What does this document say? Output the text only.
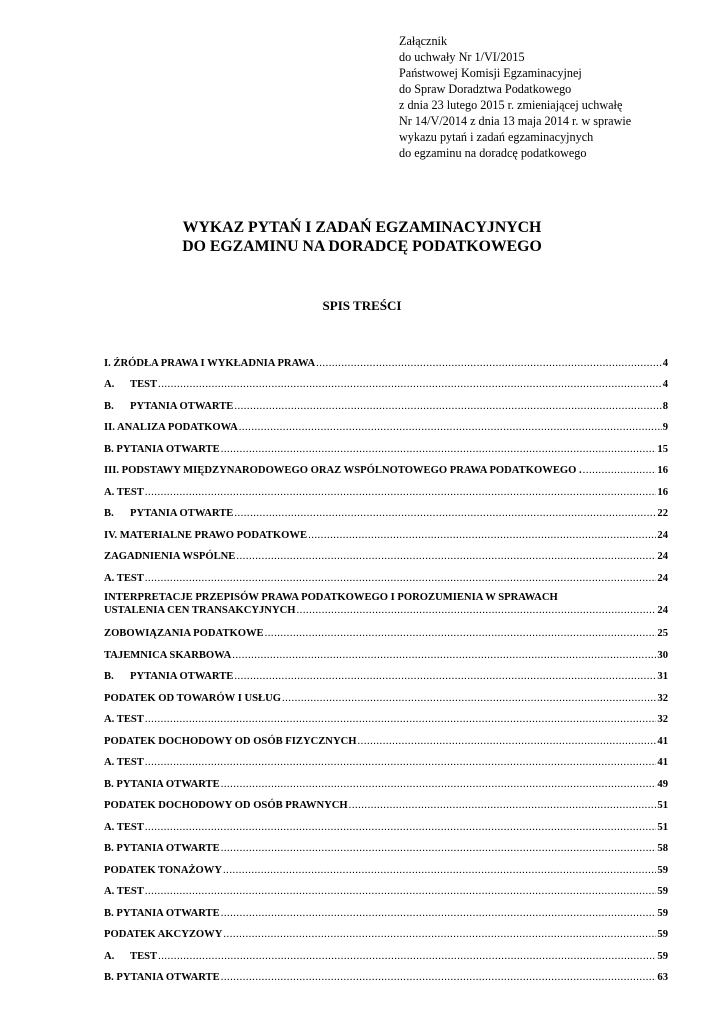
Załącznik
do uchwały Nr 1/VI/2015
Państwowej Komisji Egzaminacyjnej
do Spraw Doradztwa Podatkowego
z dnia 23 lutego 2015 r. zmieniającej uchwałę
Nr 14/V/2014 z dnia 13 maja 2014 r. w sprawie
wykazu pytań i zadań egzaminacyjnych
do egzaminu na doradcę podatkowego
WYKAZ PYTAŃ I ZADAŃ EGZAMINACYJNYCH
DO EGZAMINU NA DORADCĘ PODATKOWEGO
SPIS TREŚCI
I. ŹRÓDŁA PRAWA I WYKŁADNIA PRAWA .....	4
A.	TEST .....	4
B.	PYTANIA OTWARTE .....	8
II. ANALIZA PODATKOWA .....	9
B. PYTANIA OTWARTE .....	15
III. PODSTAWY MIĘDZYNARODOWEGO ORAZ WSPÓLNOTOWEGO PRAWA PODATKOWEGO . .....	16
A. TEST .....	16
B.	PYTANIA OTWARTE .....	22
IV. MATERIALNE PRAWO PODATKOWE .....	24
ZAGADNIENIA WSPÓLNE .....	24
A. TEST .....	24
INTERPRETACJE PRZEPISÓW PRAWA PODATKOWEGO I POROZUMIENIA W SPRAWACH
USTALENIA CEN TRANSAKCYJNYCH .....	24
ZOBOWIĄZANIA PODATKOWE .....	25
TAJEMNICA SKARBOWA .....	30
B.	PYTANIA OTWARTE .....	31
PODATEK OD TOWARÓW I USŁUG .....	32
A. TEST .....	32
PODATEK DOCHODOWY OD OSÓB FIZYCZNYCH .....	41
A. TEST .....	41
B. PYTANIA OTWARTE .....	49
PODATEK DOCHODOWY OD OSÓB PRAWNYCH .....	51
A. TEST .....	51
B. PYTANIA OTWARTE .....	58
PODATEK TONAŻOWY .....	59
A. TEST .....	59
B. PYTANIA OTWARTE .....	59
PODATEK AKCYZOWY .....	59
A.	TEST .....	59
B. PYTANIA OTWARTE .....	63
